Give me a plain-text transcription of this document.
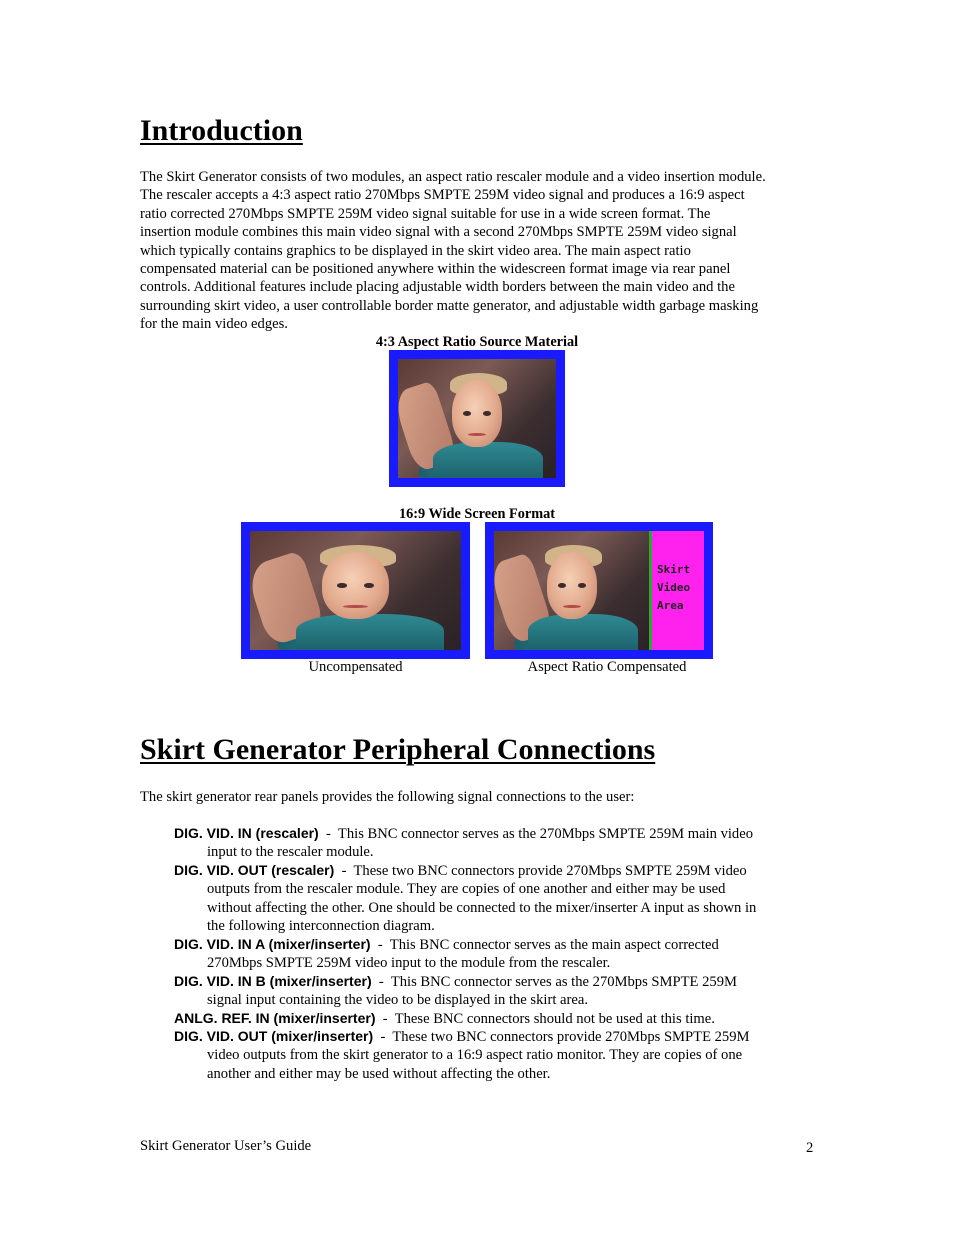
Introduction
The Skirt Generator consists of two modules, an aspect ratio rescaler module and a video insertion module.
The rescaler accepts a 4:3 aspect ratio 270Mbps SMPTE 259M video signal and produces a 16:9 aspect
ratio corrected 270Mbps SMPTE 259M video signal suitable for use in a wide screen format. The
insertion module combines this main video signal with a second 270Mbps SMPTE 259M video signal
which typically contains graphics to be displayed in the skirt video area. The main aspect ratio
compensated material can be positioned anywhere within the widescreen format image via rear panel
controls. Additional features include placing adjustable width borders between the main video and the
surrounding skirt video, a user controllable border matte generator, and adjustable width garbage masking
for the main video edges.
4:3 Aspect Ratio Source Material
16:9 Wide Screen Format
Skirt
Video
Area
Uncompensated	Aspect Ratio Compensated
Skirt Generator Peripheral Connections
The skirt generator rear panels provides the following signal connections to the user:
DIG. VID. IN (rescaler)  -  This BNC connector serves as the 270Mbps SMPTE 259M main video
input to the rescaler module.
DIG. VID. OUT (rescaler)  -  These two BNC connectors provide 270Mbps SMPTE 259M video
outputs from the rescaler module. They are copies of one another and either may be used
without affecting the other. One should be connected to the mixer/inserter A input as shown in
the following interconnection diagram.
DIG. VID. IN A (mixer/inserter)  -  This BNC connector serves as the main aspect corrected
270Mbps SMPTE 259M video input to the module from the rescaler.
DIG. VID. IN B (mixer/inserter)  -  This BNC connector serves as the 270Mbps SMPTE 259M
signal input containing the video to be displayed in the skirt area.
ANLG. REF. IN (mixer/inserter)  -  These BNC connectors should not be used at this time.
DIG. VID. OUT (mixer/inserter)  -  These two BNC connectors provide 270Mbps SMPTE 259M
video outputs from the skirt generator to a 16:9 aspect ratio monitor. They are copies of one
another and either may be used without affecting the other.
Skirt Generator User’s Guide	2
